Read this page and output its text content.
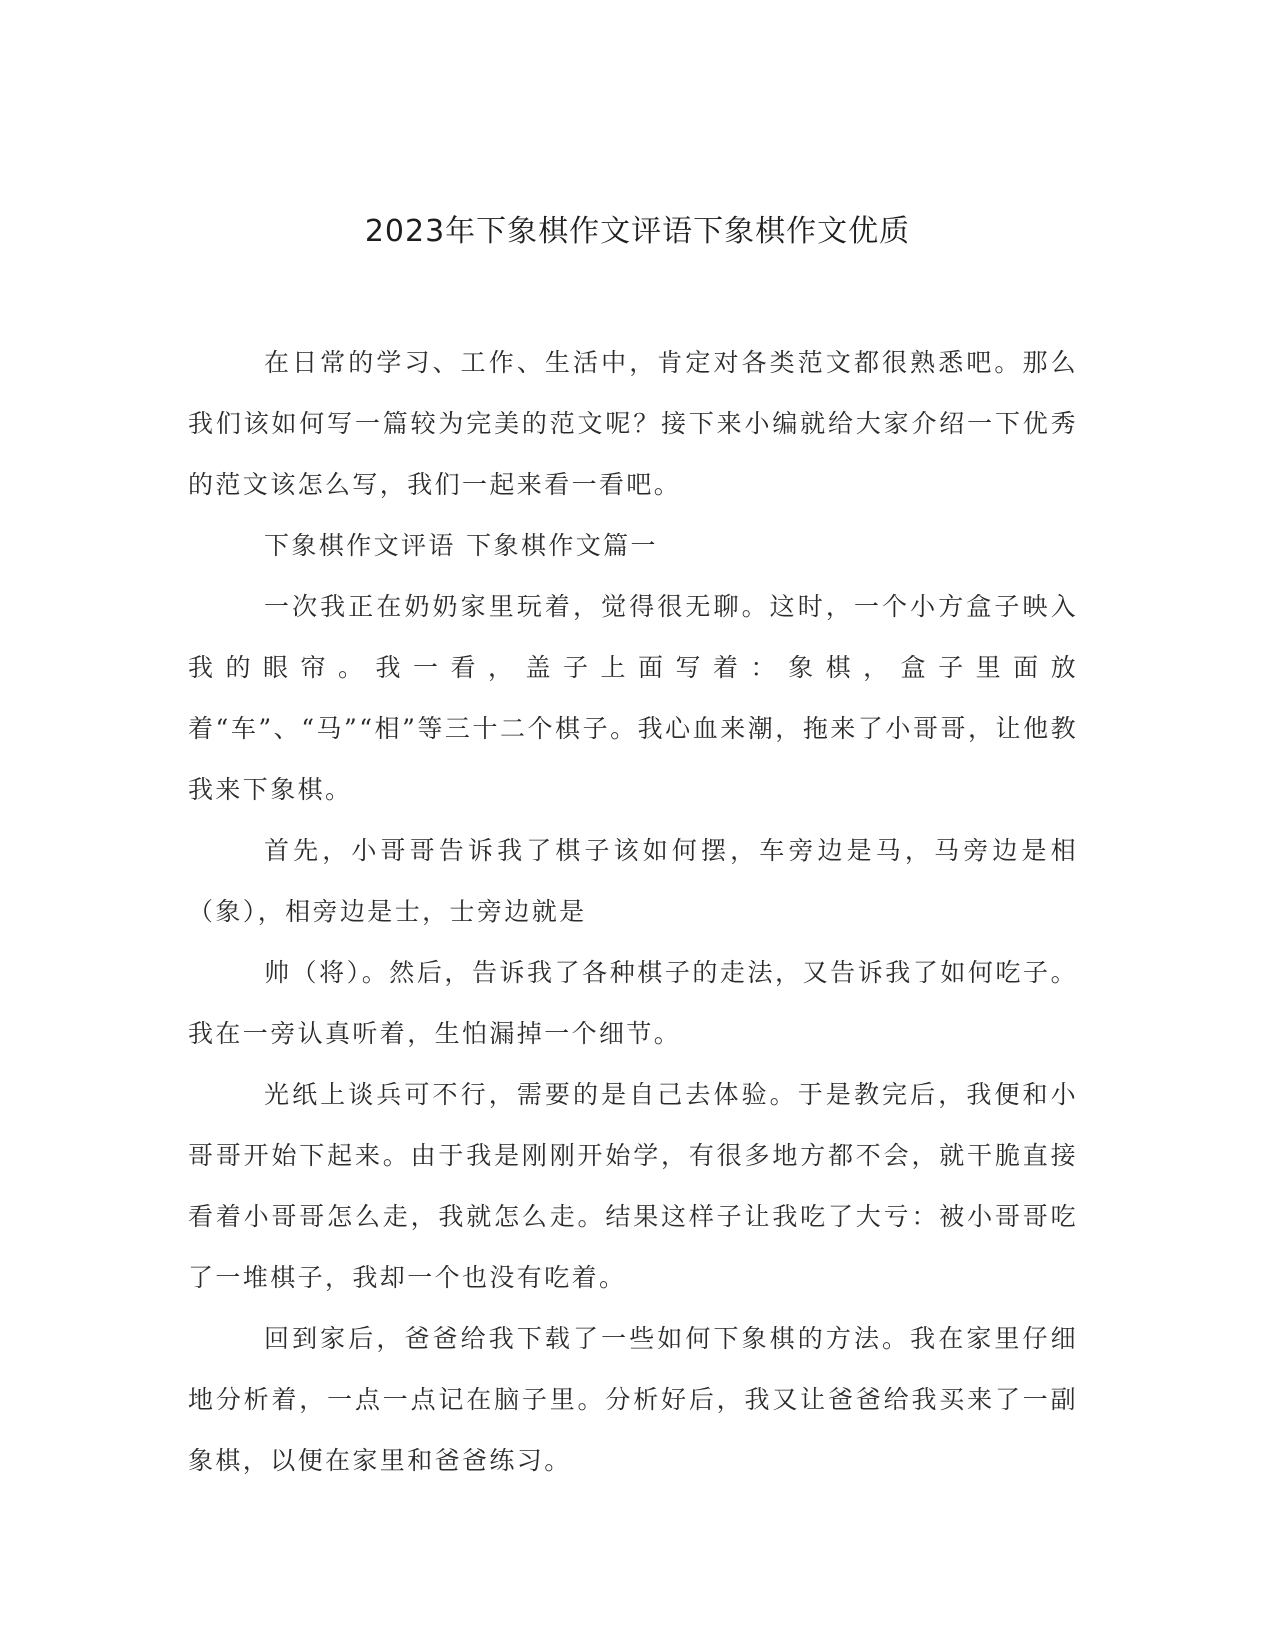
2023年下象棋作文评语下象棋作文优质

在日常的学习、工作、生活中，肯定对各类范文都很熟悉吧。那么我们该如何写一篇较为完美的范文呢？接下来小编就给大家介绍一下优秀的范文该怎么写，我们一起来看一看吧。

下象棋作文评语 下象棋作文篇一

一次我正在奶奶家里玩着，觉得很无聊。这时，一个小方盒子映入我的眼帘。我一看，盖子上面写着：象棋，盒子里面放着“车”、“马”“相”等三十二个棋子。我心血来潮，拖来了小哥哥，让他教我来下象棋。

首先，小哥哥告诉我了棋子该如何摆，车旁边是马，马旁边是相（象），相旁边是士，士旁边就是

帅（将）。然后，告诉我了各种棋子的走法，又告诉我了如何吃子。我在一旁认真听着，生怕漏掉一个细节。

光纸上谈兵可不行，需要的是自己去体验。于是教完后，我便和小哥哥开始下起来。由于我是刚刚开始学，有很多地方都不会，就干脆直接看着小哥哥怎么走，我就怎么走。结果这样子让我吃了大亏：被小哥哥吃了一堆棋子，我却一个也没有吃着。

回到家后，爸爸给我下载了一些如何下象棋的方法。我在家里仔细地分析着，一点一点记在脑子里。分析好后，我又让爸爸给我买来了一副象棋，以便在家里和爸爸练习。
